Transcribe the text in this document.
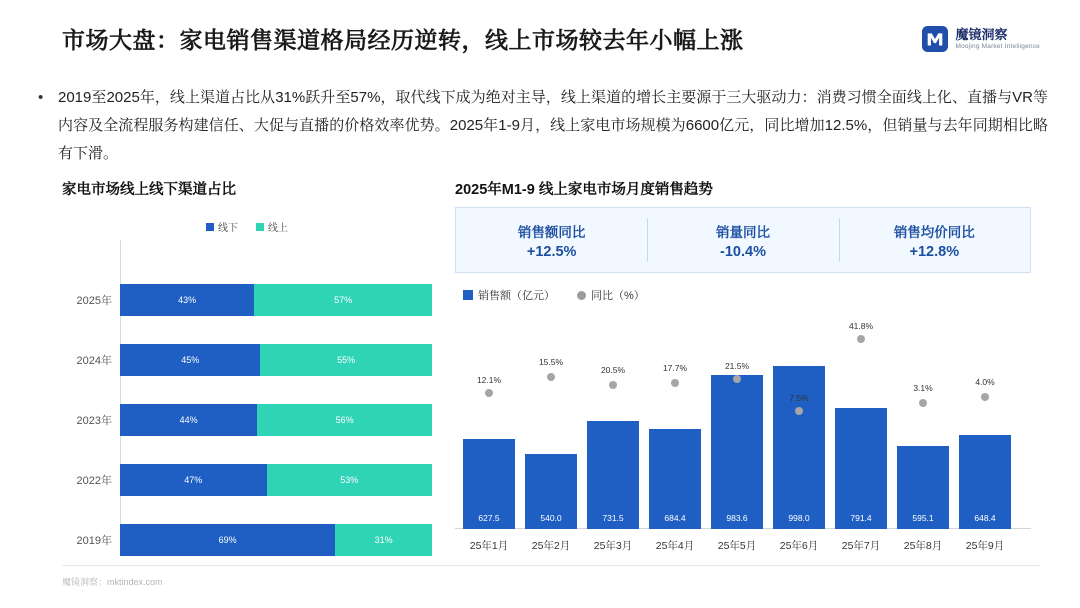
市场大盘：家电销售渠道格局经历逆转，线上市场较去年小幅上涨	魔镜洞察
Moojing Market Intelligence
• 2019至2025年，线上渠道占比从31%跃升至57%，取代线下成为绝对主导，线上渠道的增长主要源于三大驱动力：消费习惯全面线上化、直播与VR等内容及全流程服务构建信任、大促与直播的价格效率优势。2025年1-9月，线上家电市场规模为6600亿元，同比增加12.5%，但销量与去年同期相比略有下滑。
家电市场线上线下渠道占比
线下	线上
2025年	43%	57%
2024年	45%	55%
2023年	44%	56%
2022年	47%	53%
2019年	69%	31%
2025年M1-9 线上家电市场月度销售趋势
销售额同比
+12.5%
销量同比
-10.4%
销售均价同比
+12.8%
销售额（亿元）	同比（%）
627.5
12.1%
25年1月
540.0
15.5%
25年2月
731.5
20.5%
25年3月
684.4
17.7%
25年4月
983.6
21.5%
25年5月
998.0
7.5%
25年6月
791.4
41.8%
25年7月
595.1
3.1%
25年8月
648.4
4.0%
25年9月
魔镜洞察：mktindex.com
